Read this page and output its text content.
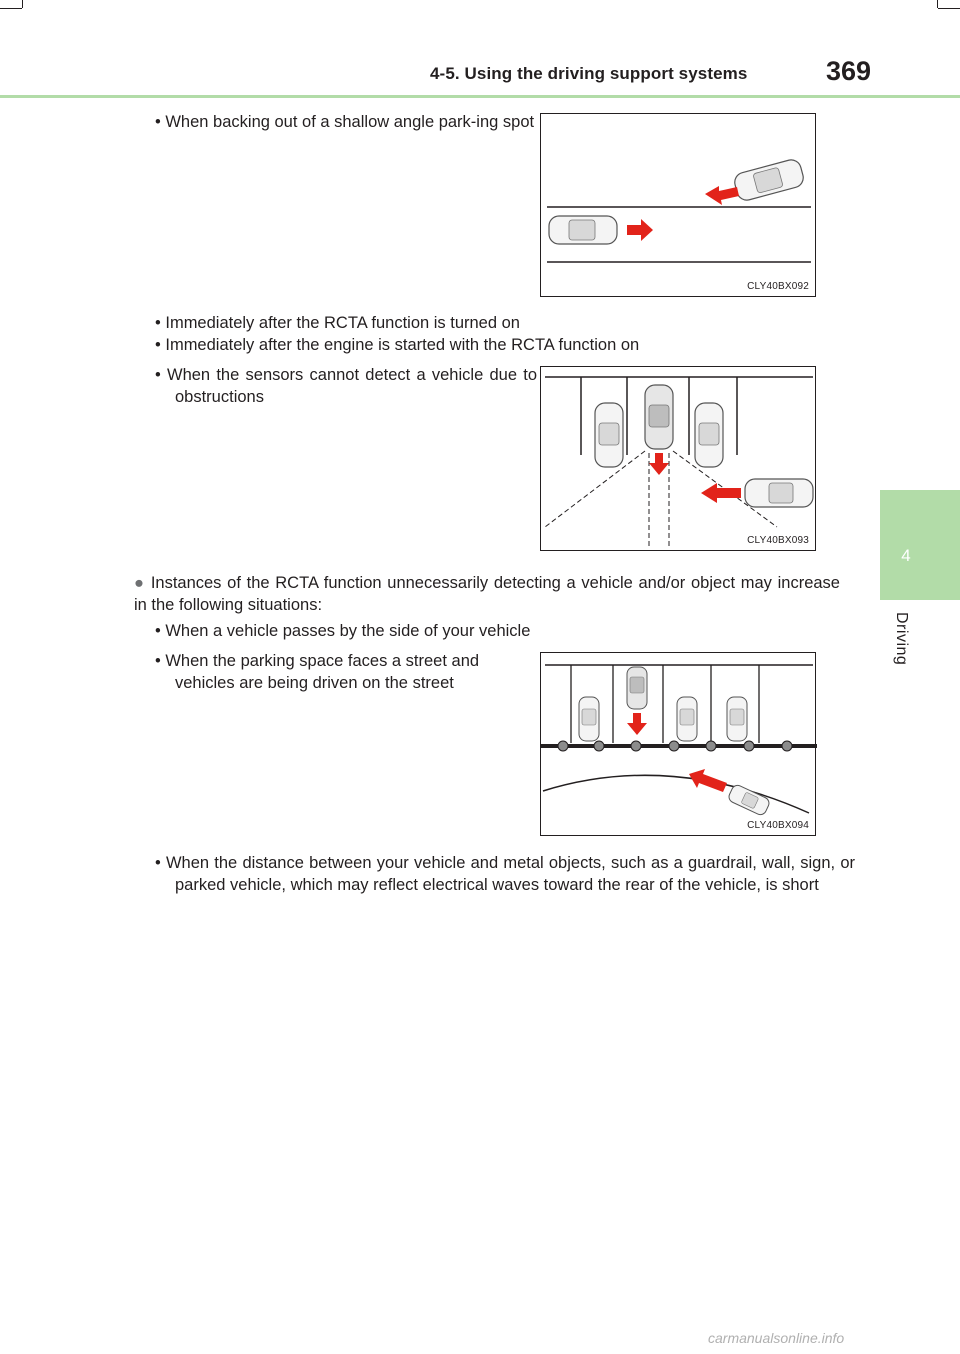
4-5. Using the driving support systems	369
4
Driving
• When backing out of a shallow angle park-ing spot
CLY40BX092
• Immediately after the RCTA function is turned on
• Immediately after the engine is started with the RCTA function on
• When the sensors cannot detect a vehicle due to obstructions
CLY40BX093
● Instances of the RCTA function unnecessarily detecting a vehicle and/or object may increase in the following situations:
• When a vehicle passes by the side of your vehicle
• When the parking space faces a street and vehicles are being driven on the street
CLY40BX094
• When the distance between your vehicle and metal objects, such as a guardrail, wall, sign, or parked vehicle, which may reflect electrical waves toward the rear of the vehicle, is short
carmanualsonline.info
